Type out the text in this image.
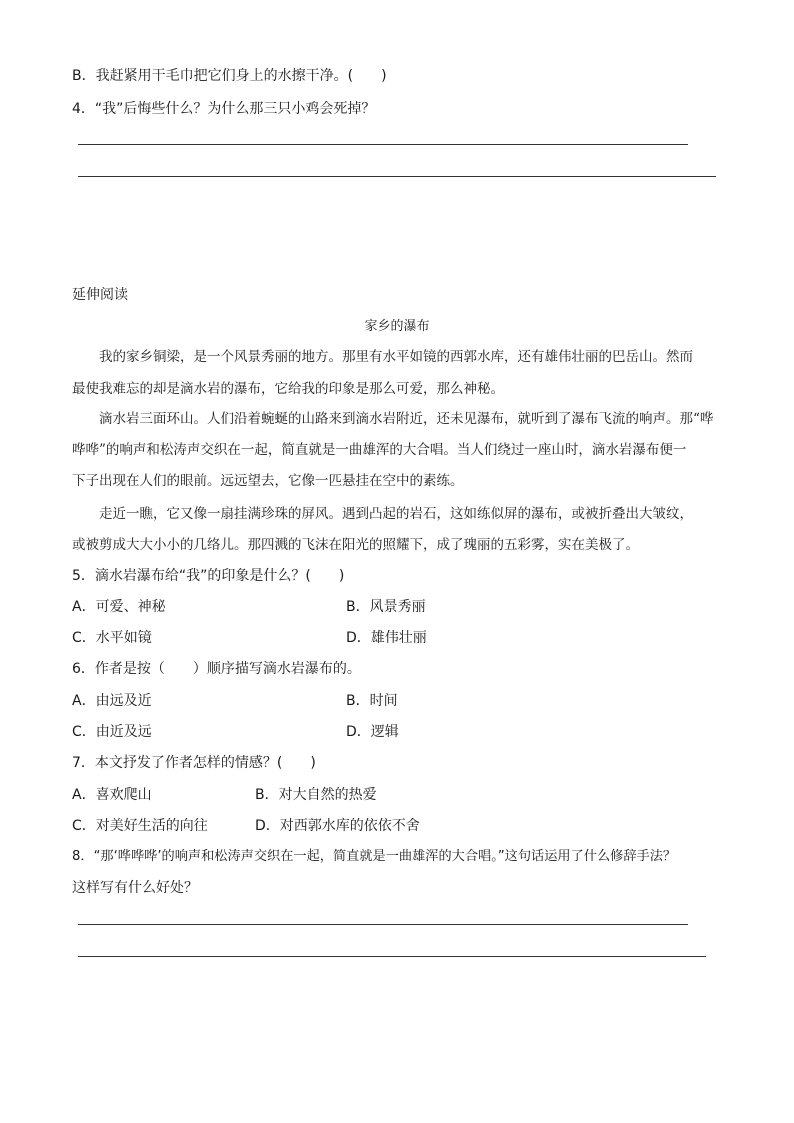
B．我赶紧用干毛巾把它们身上的水擦干净。(　　)
4．“我”后悔些什么？为什么那三只小鸡会死掉？
延伸阅读
家乡的瀑布
我的家乡铜梁，是一个风景秀丽的地方。那里有水平如镜的西郭水库，还有雄伟壮丽的巴岳山。然而
最使我难忘的却是滴水岩的瀑布，它给我的印象是那么可爱，那么神秘。
滴水岩三面环山。人们沿着蜿蜒的山路来到滴水岩附近，还未见瀑布，就听到了瀑布飞流的响声。那“哗
哗哗”的响声和松涛声交织在一起，简直就是一曲雄浑的大合唱。当人们绕过一座山时，滴水岩瀑布便一
下子出现在人们的眼前。远远望去，它像一匹悬挂在空中的素练。
走近一瞧，它又像一扇挂满珍珠的屏风。遇到凸起的岩石，这如练似屏的瀑布，或被折叠出大皱纹，
或被剪成大大小小的几络儿。那四溅的飞沫在阳光的照耀下，成了瑰丽的五彩雾，实在美极了。
5．滴水岩瀑布给“我”的印象是什么？(　　)
A．可爱、神秘	B．风景秀丽
C．水平如镜	D．雄伟壮丽
6．作者是按（　　）顺序描写滴水岩瀑布的。
A．由远及近	B．时间
C．由近及远	D．逻辑
7．本文抒发了作者怎样的情感？(　　)
A．喜欢爬山	B．对大自然的热爱
C．对美好生活的向往	D．对西郭水库的依依不舍
8．“那‘哗哗哗’的响声和松涛声交织在一起，简直就是一曲雄浑的大合唱。”这句话运用了什么修辞手法？
这样写有什么好处？
